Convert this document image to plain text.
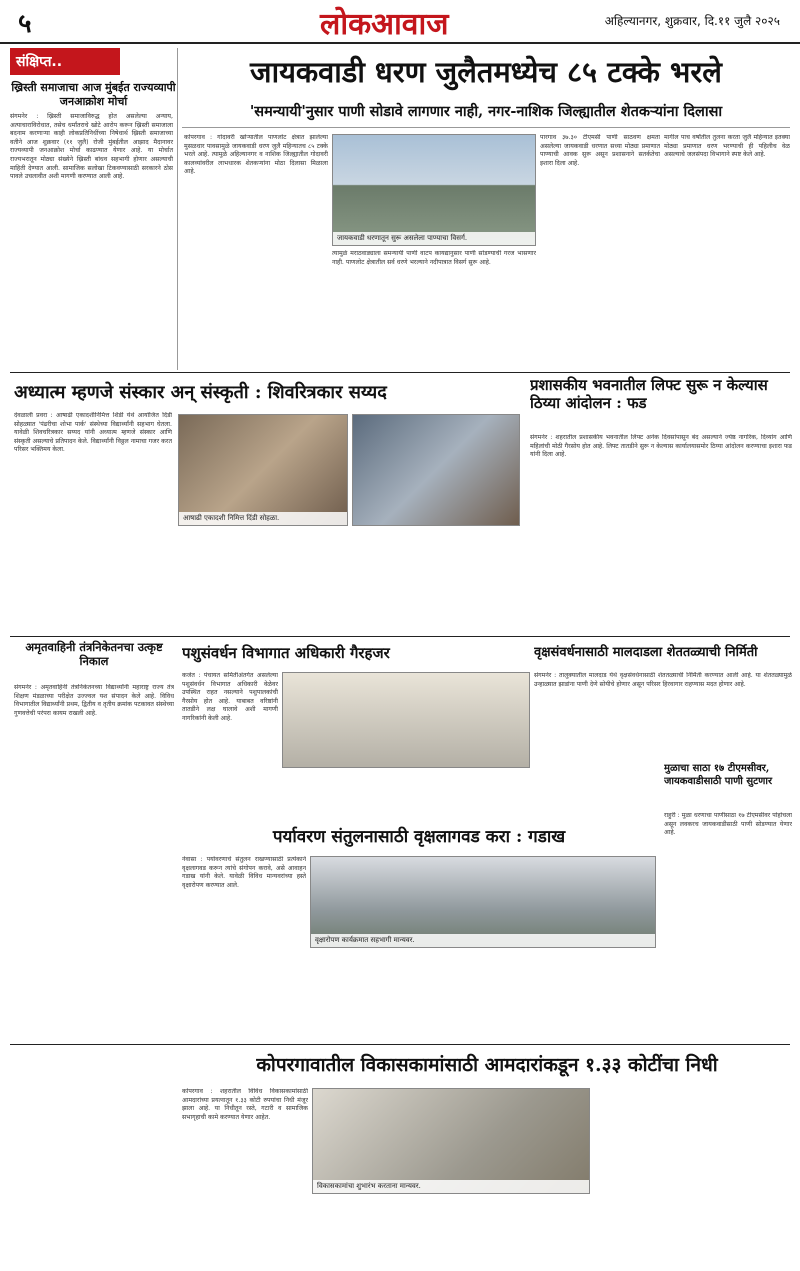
५	लोकआवाज	अहिल्यानगर, शुक्रवार, दि.११ जुलै २०२५
संक्षिप्त..
ख्रिस्ती समाजाचा आज मुंबईत राज्यव्यापी जनआक्रोश मोर्चा
संगमनेर : ख्रिस्ती समाजाविरुद्ध होत असलेल्या अन्याय, अत्याचाराविरोधात, तसेच धर्मांतराचे खोटे आरोप करून ख्रिस्ती समाजाला बदनाम करणाऱ्या काही लोकप्रतिनिधींच्या निषेधार्थ ख्रिस्ती समाजाच्या वतीने आज शुक्रवार (११ जुलै) रोजी मुंबईतील आझाद मैदानावर राज्यव्यापी जनआक्रोश मोर्चा काढण्यात येणार आहे. या मोर्चात राज्यभरातून मोठ्या संख्येने ख्रिस्ती बांधव सहभागी होणार असल्याची माहिती देण्यात आली. सामाजिक सलोखा टिकवण्यासाठी सरकारने ठोस पावले उचलावीत अशी मागणी करण्यात आली आहे.
जायकवाडी धरण जुलैतमध्येच ८५ टक्के भरले
'समन्यायी'नुसार पाणी सोडावे लागणार नाही, नगर-नाशिक जिल्ह्यातील शेतकऱ्यांना दिलासा
कोपरगाव : गोदावरी खोऱ्यातील पाणलोट क्षेत्रात झालेल्या मुसळधार पावसामुळे जायकवाडी धरण जुलै महिन्यातच ८५ टक्के भरले आहे. त्यामुळे अहिल्यानगर व नाशिक जिल्ह्यातील गोदावरी कालव्यांवरील लाभधारक शेतकऱ्यांना मोठा दिलासा मिळाला आहे.
जायकवाडी धरणातून सुरू असलेला पाण्याचा विसर्ग.
त्यामुळे मराठवाड्याला समन्यायी पाणी वाटप कायद्यानुसार पाणी सोडण्याची गरज भासणार नाही. पाणलोट क्षेत्रातील सर्व धरणे भरल्याने नदीपात्रात विसर्ग सुरू आहे.
पारगाव ३७.३० टीएमसी पाणी साठवण क्षमता असलेल्या जायकवाडी धरणात सध्या मोठ्या प्रमाणात पाण्याची आवक सुरू असून प्रशासनाने सतर्कतेचा इशारा दिला आहे.
मागील पाच वर्षांतील तुलना करता जुलै महिन्यात इतक्या मोठ्या प्रमाणात धरण भरण्याची ही पहिलीच वेळ असल्याचे जलसंपदा विभागाने स्पष्ट केले आहे.
अध्यात्म म्हणजे संस्कार अन् संस्कृती : शिवरित्रकार सय्यद
देवळाली प्रवरा : आषाढी एकादशीनिमित्त शिर्डी येथे आयोजित दिंडी सोहळ्यात 'पंढरीचा शोभा पार्क' संस्थेच्या विद्यार्थ्यांनी सहभाग घेतला. यावेळी शिवचरित्रकार सय्यद यांनी अध्यात्म म्हणजे संस्कार आणि संस्कृती असल्याचे प्रतिपादन केले. विद्यार्थ्यांनी विठ्ठल नामाचा गजर करत परिसर भक्तिमय केला.
आषाढी एकादशी निमित्त दिंडी सोहळा.
प्रशासकीय भवनातील लिफ्ट सुरू न केल्यास ठिय्या आंदोलन : फड
संगमनेर : शहरातील प्रशासकीय भवनातील लिफ्ट अनेक दिवसांपासून बंद असल्याने ज्येष्ठ नागरिक, दिव्यांग आणि महिलांची मोठी गैरसोय होत आहे. लिफ्ट तातडीने सुरू न केल्यास कार्यालयासमोर ठिय्या आंदोलन करण्याचा इशारा फड यांनी दिला आहे.
अमृतवाहिनी तंत्रनिकेतनचा उत्कृष्ट निकाल
संगमनेर : अमृतवाहिनी तंत्रनिकेतनच्या विद्यार्थ्यांनी महाराष्ट्र राज्य तंत्र शिक्षण मंडळाच्या परीक्षेत उज्ज्वल यश संपादन केले आहे. विविध विभागातील विद्यार्थ्यांनी प्रथम, द्वितीय व तृतीय क्रमांक पटकावत संस्थेच्या गुणवत्तेची परंपरा कायम राखली आहे.
पशुसंवर्धन विभागात अधिकारी गैरहजर
कर्जत : पंचायत समितीअंतर्गत असलेल्या पशुसंवर्धन विभागात अधिकारी वेळेवर उपस्थित राहत नसल्याने पशुपालकांची गैरसोय होत आहे. याबाबत वरिष्ठांनी तातडीने लक्ष घालावे अशी मागणी नागरिकांनी केली आहे.
वृक्षसंवर्धनासाठी मालदाडला शेततळ्याची निर्मिती
संगमनेर : तालुक्यातील मालदाड येथे वृक्षसंवर्धनासाठी शेततळ्याची निर्मिती करण्यात आली आहे. या शेततळ्यामुळे उन्हाळ्यात झाडांना पाणी देणे सोयीचे होणार असून परिसर हिरवागार राहण्यास मदत होणार आहे.
मुळाचा साठा १७ टीएमसीवर, जायकवाडीसाठी पाणी सुटणार
राहुरी : मुळा धरणाचा पाणीसाठा १७ टीएमसीवर पोहोचला असून लवकरच जायकवाडीसाठी पाणी सोडण्यात येणार आहे.
पर्यावरण संतुलनासाठी वृक्षलागवड करा : गडाख
नेवासा : पर्यावरणाचे संतुलन राखण्यासाठी प्रत्येकाने वृक्षलागवड करून त्यांचे संगोपन करावे, असे आवाहन गडाख यांनी केले. यावेळी विविध मान्यवरांच्या हस्ते वृक्षारोपण करण्यात आले.
वृक्षारोपण कार्यक्रमात सहभागी मान्यवर.
कोपरगावातील विकासकामांसाठी आमदारांकडून १.३३ कोटींचा निधी
कोपरगाव : शहरातील विविध विकासकामांसाठी आमदारांच्या प्रयत्नातून १.३३ कोटी रुपयांचा निधी मंजूर झाला आहे. या निधीतून रस्ते, गटारी व सामाजिक सभागृहाची कामे करण्यात येणार आहेत.
विकासकामांचा शुभारंभ करताना मान्यवर.
